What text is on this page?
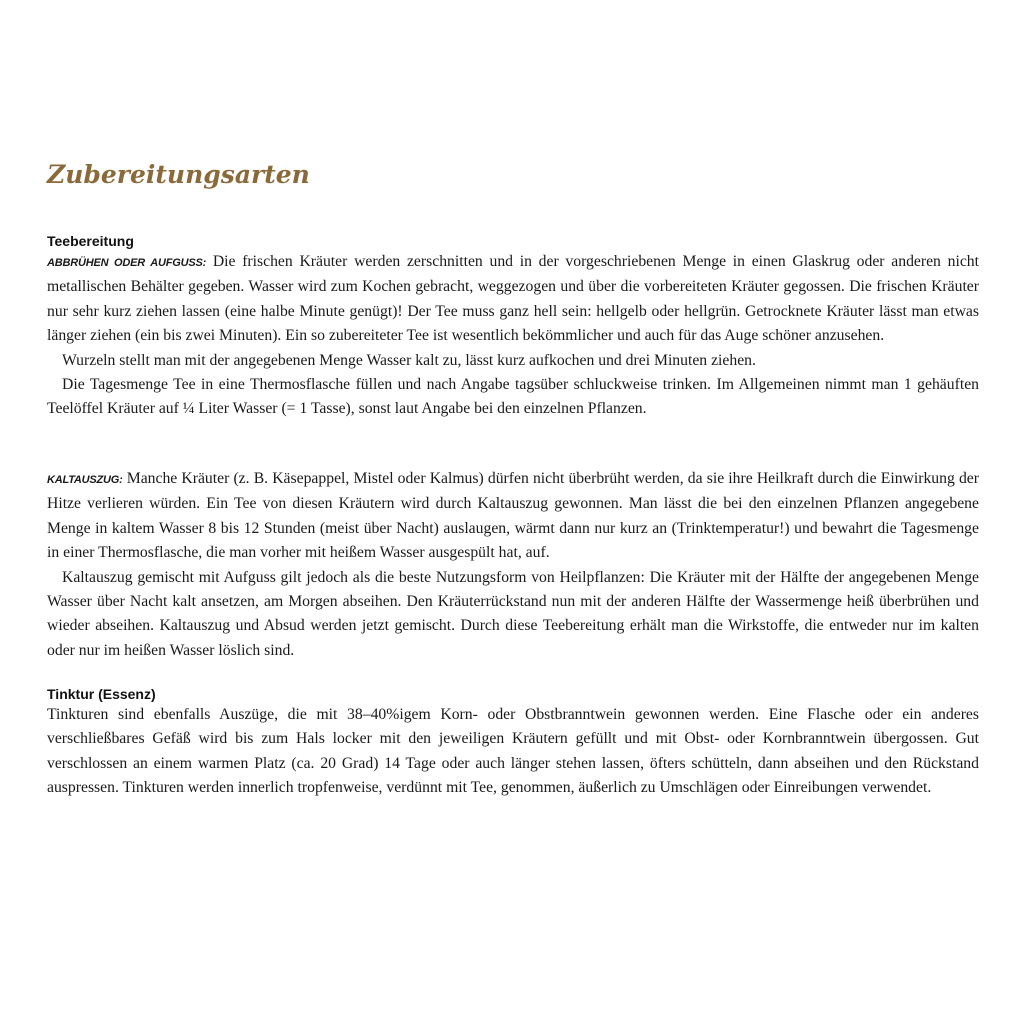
Zubereitungsarten
Teebereitung

ABBRÜHEN ODER AUFGUSS: Die frischen Kräuter werden zerschnitten und in der vorgeschriebenen Menge in einen Glaskrug oder anderen nicht metallischen Behälter gegeben. Wasser wird zum Kochen gebracht, weggezogen und über die vorbereiteten Kräuter gegossen. Die frischen Kräuter nur sehr kurz ziehen lassen (eine halbe Minute genügt)! Der Tee muss ganz hell sein: hellgelb oder hellgrün. Getrocknete Kräuter lässt man etwas länger ziehen (ein bis zwei Minuten). Ein so zubereiteter Tee ist wesentlich bekömmlicher und auch für das Auge schöner anzusehen.

Wurzeln stellt man mit der angegebenen Menge Wasser kalt zu, lässt kurz aufkochen und drei Minuten ziehen.

Die Tagesmenge Tee in eine Thermosflasche füllen und nach Angabe tagsüber schluckweise trinken. Im Allgemeinen nimmt man 1 gehäuften Teelöffel Kräuter auf ¼ Liter Wasser (= 1 Tasse), sonst laut Angabe bei den einzelnen Pflanzen.

KALTAUSZUG: Manche Kräuter (z. B. Käsepappel, Mistel oder Kalmus) dürfen nicht überbrüht werden, da sie ihre Heilkraft durch die Einwirkung der Hitze verlieren würden. Ein Tee von diesen Kräutern wird durch Kaltauszug gewonnen. Man lässt die bei den einzelnen Pflanzen angegebene Menge in kaltem Wasser 8 bis 12 Stunden (meist über Nacht) auslaugen, wärmt dann nur kurz an (Trinktemperatur!) und bewahrt die Tagesmenge in einer Thermosflasche, die man vorher mit heißem Wasser ausgespült hat, auf.

Kaltauszug gemischt mit Aufguss gilt jedoch als die beste Nutzungsform von Heilpflanzen: Die Kräuter mit der Hälfte der angegebenen Menge Wasser über Nacht kalt ansetzen, am Morgen abseihen. Den Kräuterrückstand nun mit der anderen Hälfte der Wassermenge heiß überbrühen und wieder abseihen. Kaltauszug und Absud werden jetzt gemischt. Durch diese Teebereitung erhält man die Wirkstoffe, die entweder nur im kalten oder nur im heißen Wasser löslich sind.

Tinktur (Essenz)

Tinkturen sind ebenfalls Auszüge, die mit 38–40%igem Korn- oder Obstbranntwein gewonnen werden. Eine Flasche oder ein anderes verschließbares Gefäß wird bis zum Hals locker mit den jeweiligen Kräutern gefüllt und mit Obst- oder Kornbranntwein übergossen. Gut verschlossen an einem warmen Platz (ca. 20 Grad) 14 Tage oder auch länger stehen lassen, öfters schütteln, dann abseihen und den Rückstand auspressen. Tinkturen werden innerlich tropfenweise, verdünnt mit Tee, genommen, äußerlich zu Umschlägen oder Einreibungen verwendet.
